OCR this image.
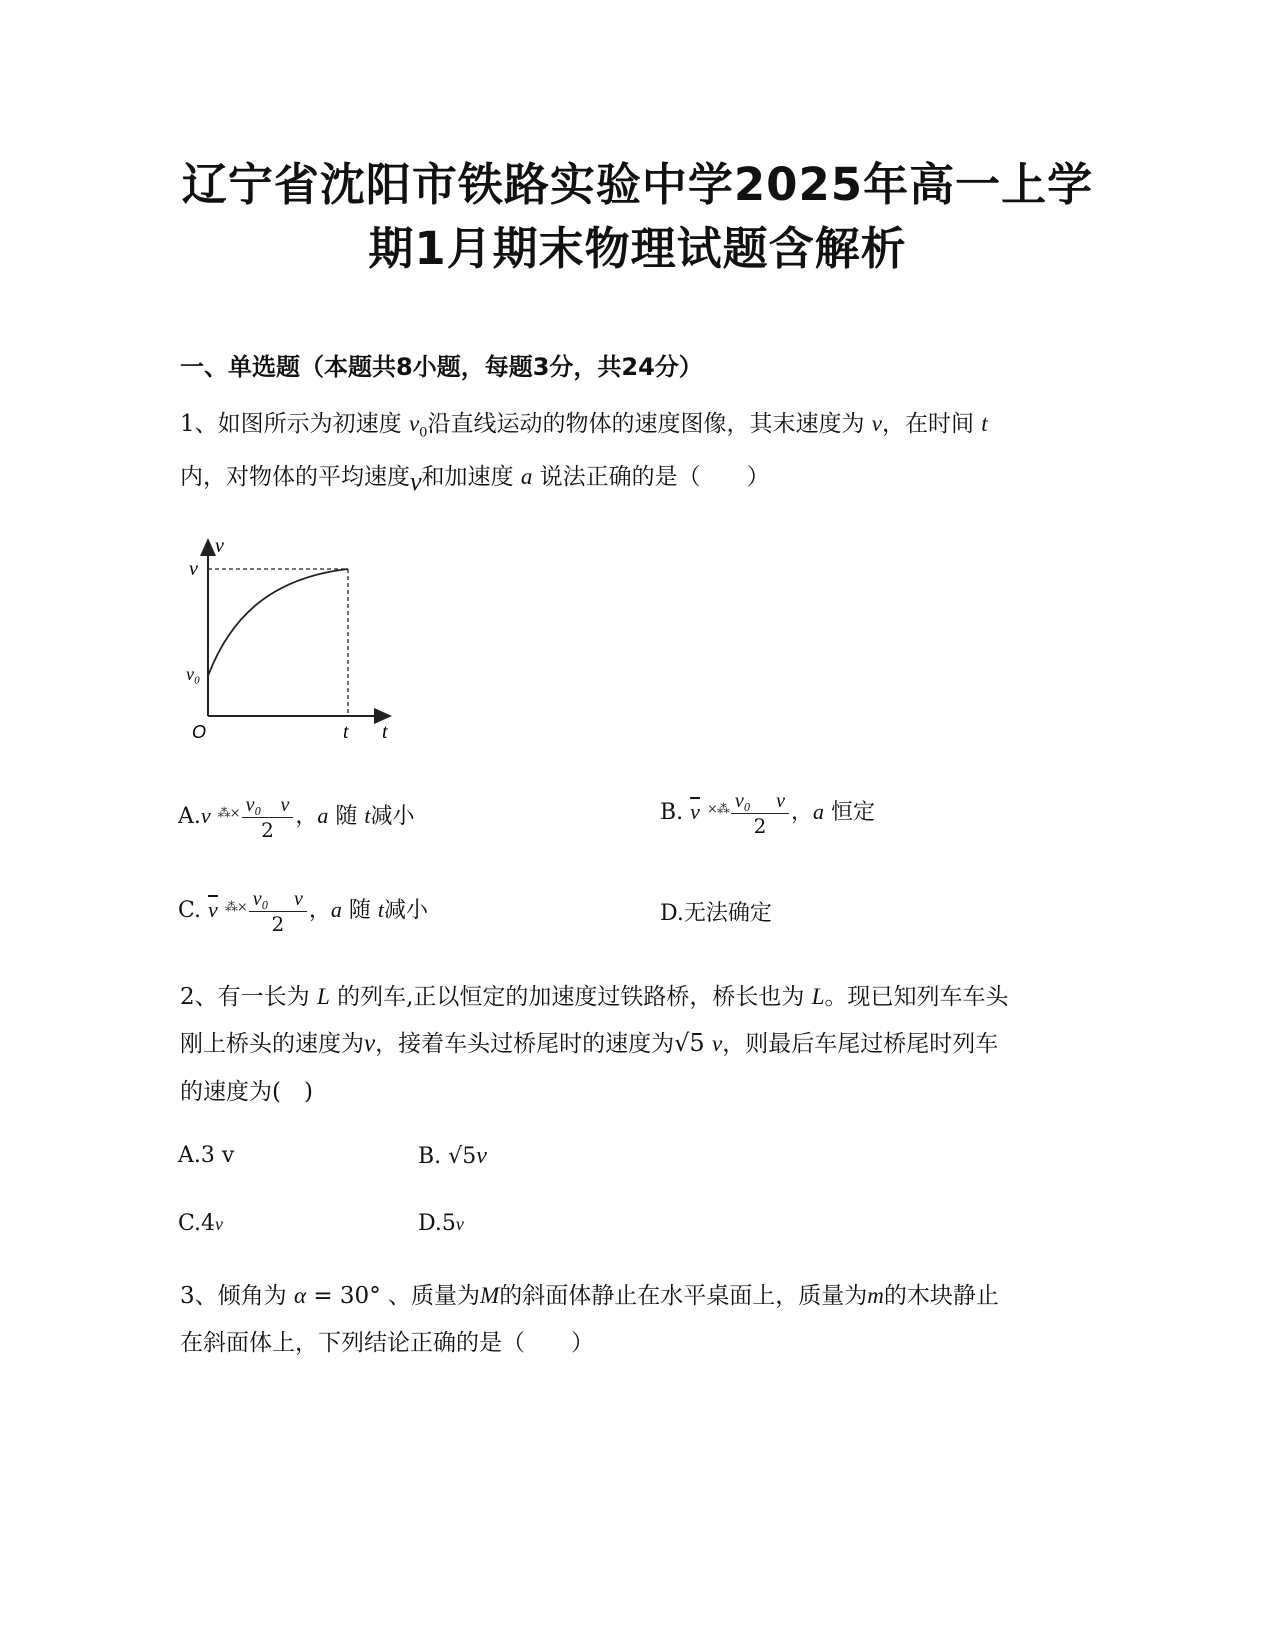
辽宁省沈阳市铁路实验中学2025年高一上学
期1月期末物理试题含解析
一、单选题（本题共8小题，每题3分，共24分）
1、如图所示为初速度 $v_0$沿直线运动的物体的速度图像，其末速度为 v，在时间 t
内，对物体的平均速度v和加速度 a 说法正确的是（　　）
v
t
O
v
v₀
t
A.v $^{⁂\times} \frac{\text{v₀ v}}{2}$ ，a 随 t减小	B. $\overline{v}$ $^{\times⁂} \frac{\text{v₀ v}}{2}$ ，a 恒定
C. $\overline{v}$ $^{⁂\times} \frac{\text{v₀ v}}{2}$ ，a 随 t减小	D.无法确定
2、有一长为 L 的列车,正以恒定的加速度过铁路桥，桥长也为 L。现已知列车车头
刚上桥头的速度为v，接着车头过桥尾时的速度为√5 v，则最后车尾过桥尾时列车
的速度为(　)
A.3 v	B. √5v
C.4v	D.5v
3、倾角为 α = 30° 、质量为M的斜面体静止在水平桌面上，质量为m的木块静止
在斜面体上，下列结论正确的是（　　）
